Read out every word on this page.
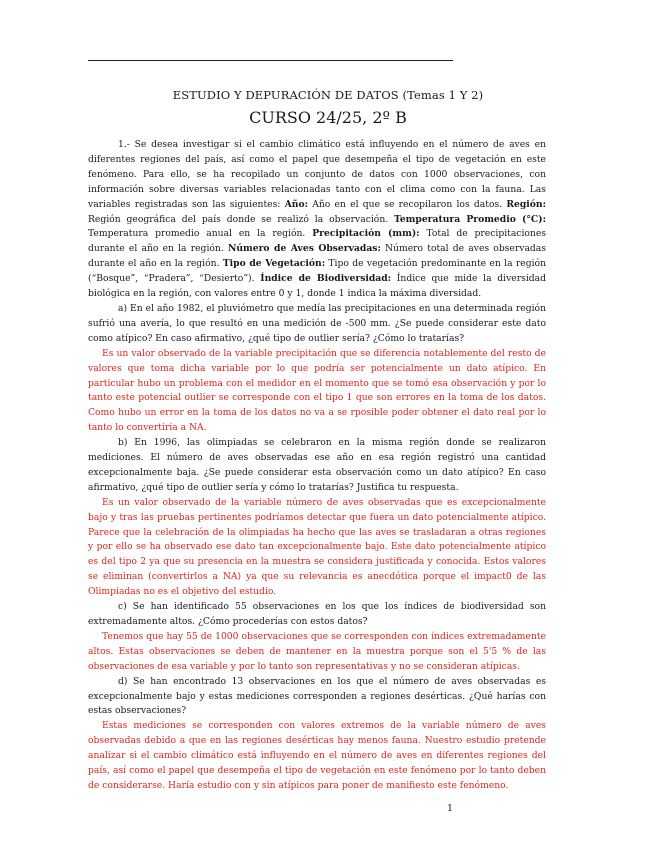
ESTUDIO Y DEPURACIÓN DE DATOS (Temas 1 Y 2)
CURSO 24/25, 2º B

1.- Se desea investigar si el cambio climático está influyendo en el número de aves en diferentes regiones del país, así como el papel que desempeña el tipo de vegetación en este fenómeno. Para ello, se ha recopilado un conjunto de datos con 1000 observaciones, con información sobre diversas variables relacionadas tanto con el clima como con la fauna. Las variables registradas son las siguientes: Año: Año en el que se recopilaron los datos. Región: Región geográfica del país donde se realizó la observación. Temperatura Promedio (°C): Temperatura promedio anual en la región. Precipitación (mm): Total de precipitaciones durante el año en la región. Número de Aves Observadas: Número total de aves observadas durante el año en la región. Tipo de Vegetación: Tipo de vegetación predominante en la región (“Bosque”, “Pradera”, “Desierto”). Índice de Biodiversidad: Índice que mide la diversidad biológica en la región, con valores entre 0 y 1, donde 1 indica la máxima diversidad.

a) En el año 1982, el pluviómetro que medía las precipitaciones en una determinada región sufrió una avería, lo que resultó en una medición de -500 mm. ¿Se puede considerar este dato como atípico? En caso afirmativo, ¿qué tipo de outlier sería? ¿Cómo lo tratarías?

Es un valor observado de la variable precipitación que se diferencia notablemente del resto de valores que toma dicha variable por lo que podría ser potencialmente un dato atípico. En particular hubo un problema con el medidor en el momento que se tomó esa observación y por lo tanto este potencial outlier se corresponde con el tipo 1 que son errores en la toma de los datos. Como hubo un error en la toma de los datos no va a se rposible poder obtener el dato real por lo tanto lo convertiría a NA.

b) En 1996, las olimpiadas se celebraron en la misma región donde se realizaron mediciones. El número de aves observadas ese año en esa región registró una cantidad excepcionalmente baja. ¿Se puede considerar esta observación como un dato atípico? En caso afirmativo, ¿qué tipo de outlier sería y cómo lo tratarías? Justifica tu respuesta.

Es un valor observado de la variable número de aves observadas que es excepcionalmente bajo y tras las pruebas pertinentes podríamos detectar que fuera un dato potencialmente atípico. Parece que la celebración de la olimpiadas ha hecho que las aves se trasladaran a otras regiones y por ello se ha observado ese dato tan excepcionalmente bajo. Este dato potencialmente atípico es del tipo 2 ya que su presencia en la muestra se considera justificada y conocida. Estos valores se eliminan (convertirlos a NA) ya que su relevancia es anecdótica porque el impact0 de las Olimpiadas no es el objetivo del estudio.

c) Se han identificado 55 observaciones en los que los índices de biodiversidad son extremadamente altos. ¿Cómo procederías con estos datos?

Tenemos que hay 55 de 1000 observaciones que se corresponden con índices extremadamente altos. Estas observaciones se deben de mantener en la muestra porque son el 5'5 % de las observaciones de esa variable y por lo tanto son representativas y no se consideran atípicas.

d) Se han encontrado 13 observaciones en los que el número de aves observadas es excepcionalmente bajo y estas mediciones corresponden a regiones desérticas. ¿Qué harías con estas observaciones?

Estas mediciones se corresponden con valores extremos de la variable número de aves observadas debido a que en las regiones desérticas hay menos fauna. Nuestro estudio pretende analizar si el cambio climático está influyendo en el número de aves en diferentes regiones del país, así como el papel que desempeña el tipo de vegetación en este fenómeno por lo tanto deben de considerarse. Haría estudio con y sin atípicos para poner de manifiesto este fenómeno.

1
